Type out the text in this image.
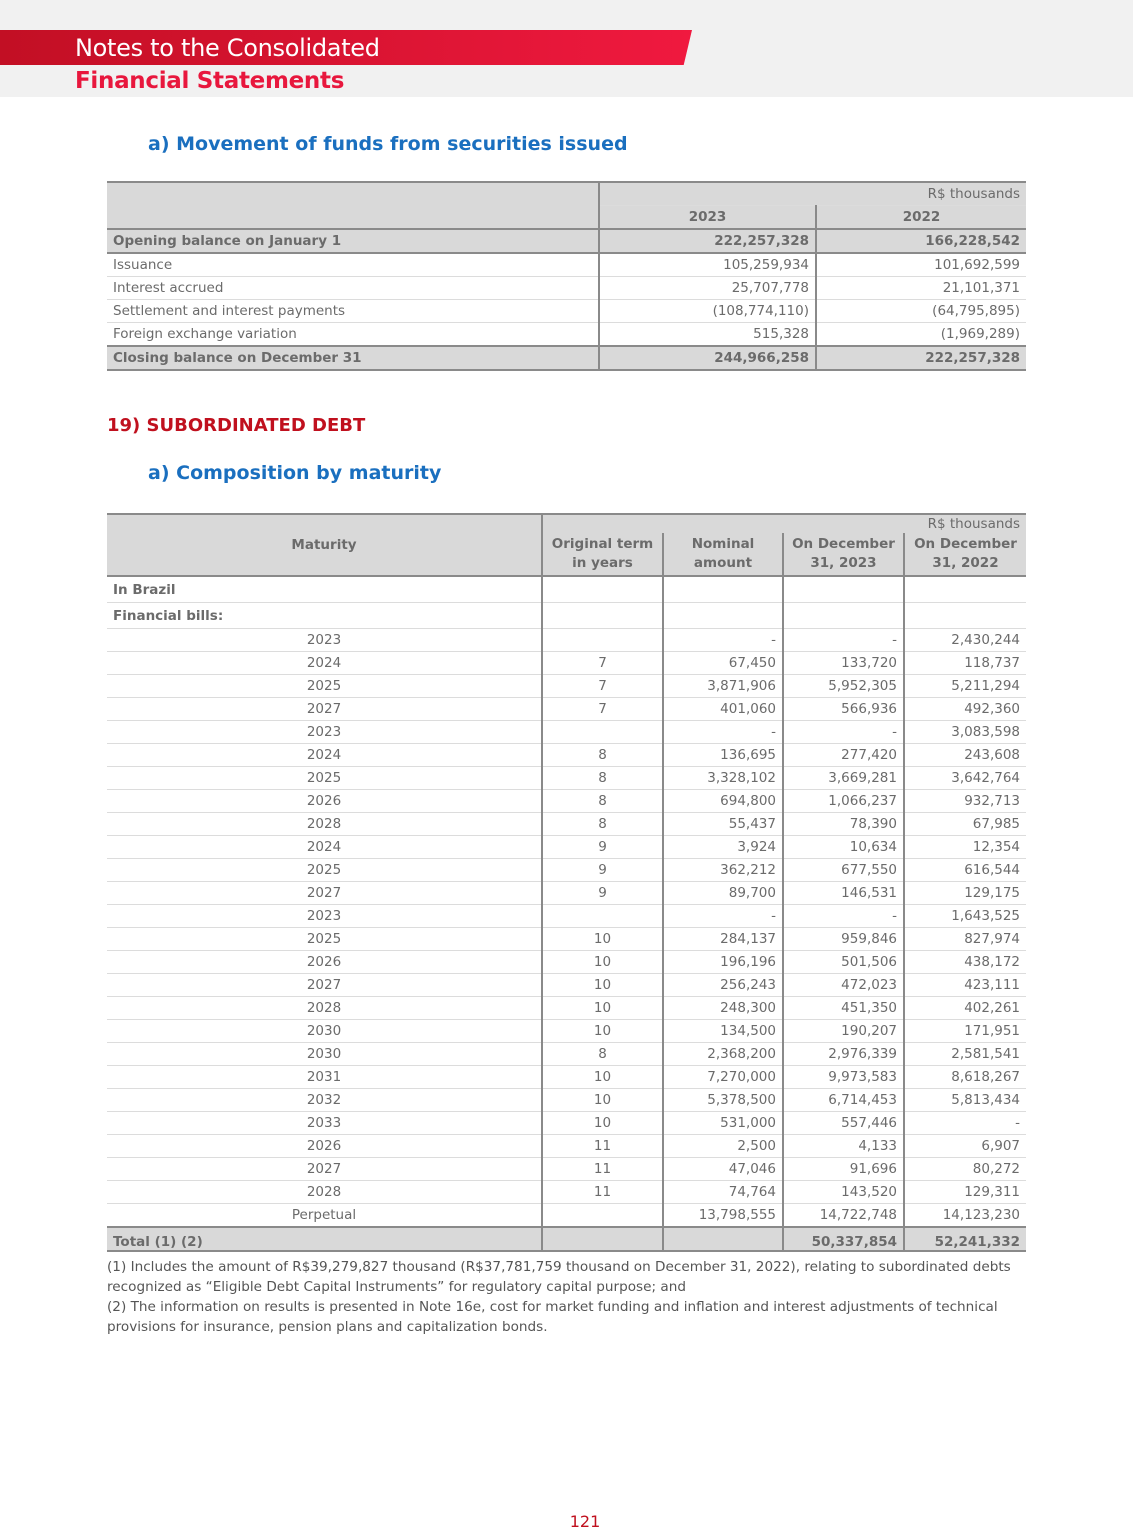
Notes to the Consolidated
Financial Statements
a) Movement of funds from securities issued
	R$ thousands	
	2023	2022
Opening balance on January 1	222,257,328	166,228,542
Issuance	105,259,934	101,692,599
Interest accrued	25,707,778	21,101,371
Settlement and interest payments	(108,774,110)	(64,795,895)
Foreign exchange variation	515,328	(1,969,289)
Closing balance on December 31	244,966,258	222,257,328
19) SUBORDINATED DEBT
a) Composition by maturity
Maturity	R$ thousands			
	Original term in years	Nominal amount	On December 31, 2023	On December 31, 2022
In Brazil				
Financial bills:				
2023		-	-	2,430,244
2024	7	67,450	133,720	118,737
2025	7	3,871,906	5,952,305	5,211,294
2027	7	401,060	566,936	492,360
2023		-	-	3,083,598
2024	8	136,695	277,420	243,608
2025	8	3,328,102	3,669,281	3,642,764
2026	8	694,800	1,066,237	932,713
2028	8	55,437	78,390	67,985
2024	9	3,924	10,634	12,354
2025	9	362,212	677,550	616,544
2027	9	89,700	146,531	129,175
2023		-	-	1,643,525
2025	10	284,137	959,846	827,974
2026	10	196,196	501,506	438,172
2027	10	256,243	472,023	423,111
2028	10	248,300	451,350	402,261
2030	10	134,500	190,207	171,951
2030	8	2,368,200	2,976,339	2,581,541
2031	10	7,270,000	9,973,583	8,618,267
2032	10	5,378,500	6,714,453	5,813,434
2033	10	531,000	557,446	-
2026	11	2,500	4,133	6,907
2027	11	47,046	91,696	80,272
2028	11	74,764	143,520	129,311
Perpetual		13,798,555	14,722,748	14,123,230
Total (1) (2)			50,337,854	52,241,332
(1) Includes the amount of R$39,279,827 thousand (R$37,781,759 thousand on December 31, 2022), relating to subordinated debts recognized as “Eligible Debt Capital Instruments” for regulatory capital purpose; and
(2) The information on results is presented in Note 16e, cost for market funding and inflation and interest adjustments of technical provisions for insurance, pension plans and capitalization bonds.
121
